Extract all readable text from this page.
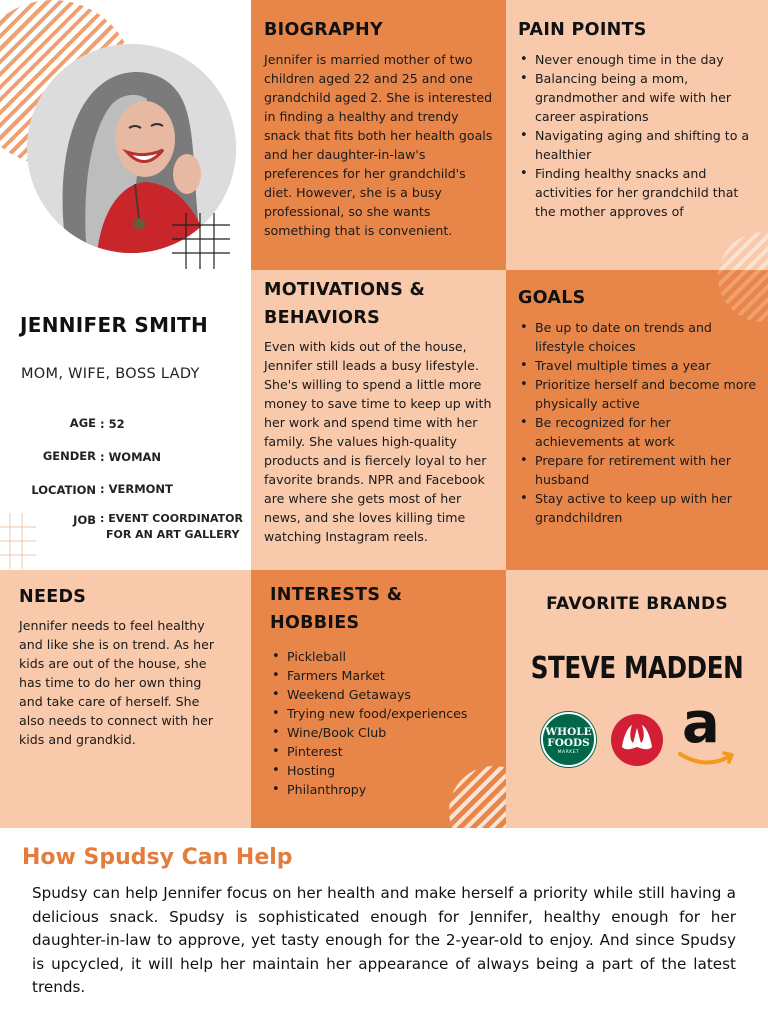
JENNIFER SMITH
MOM, WIFE, BOSS LADY
AGE : 52
GENDER : WOMAN
LOCATION : VERMONT
JOB : EVENT COORDINATOR
FOR AN ART GALLERY
BIOGRAPHY

Jennifer is married mother of two children aged 22 and 25 and one grandchild aged 2. She is interested in finding a healthy and trendy snack that fits both her health goals and her daughter-in-law's preferences for her grandchild's diet. However, she is a busy professional, so she wants something that is convenient.

PAIN POINTS
• Never enough time in the day
• Balancing being a mom, grandmother and wife with her career aspirations
• Navigating aging and shifting to a healthier
• Finding healthy snacks and activities for her grandchild that the mother approves of
MOTIVATIONS &
BEHAVIORS

Even with kids out of the house, Jennifer still leads a busy lifestyle. She's willing to spend a little more money to save time to keep up with her work and spend time with her family. She values high-quality products and is fiercely loyal to her favorite brands. NPR and Facebook are where she gets most of her news, and she loves killing time watching Instagram reels.

GOALS
• Be up to date on trends and lifestyle choices
• Travel multiple times a year
• Prioritize herself and become more physically active
• Be recognized for her achievements at work
• Prepare for retirement with her husband
• Stay active to keep up with her grandchildren
NEEDS

Jennifer needs to feel healthy and like she is on trend. As her kids are out of the house, she has time to do her own thing and take care of herself. She also needs to connect with her kids and grandkid.

INTERESTS &
HOBBIES
• Pickleball
• Farmers Market
• Weekend Getaways
• Trying new food/experiences
• Wine/Book Club
• Pinterest
• Hosting
• Philanthropy
FAVORITE BRANDS
STEVE MADDEN
WHOLE
FOODS
MARKET a
How Spudsy Can Help

Spudsy can help Jennifer focus on her health and make herself a priority while still having a delicious snack. Spudsy is sophisticated enough for Jennifer, healthy enough for her daughter-in-law to approve, yet tasty enough for the 2-year-old to enjoy. And since Spudsy is upcycled, it will help her maintain her appearance of always being a part of the latest trends.
